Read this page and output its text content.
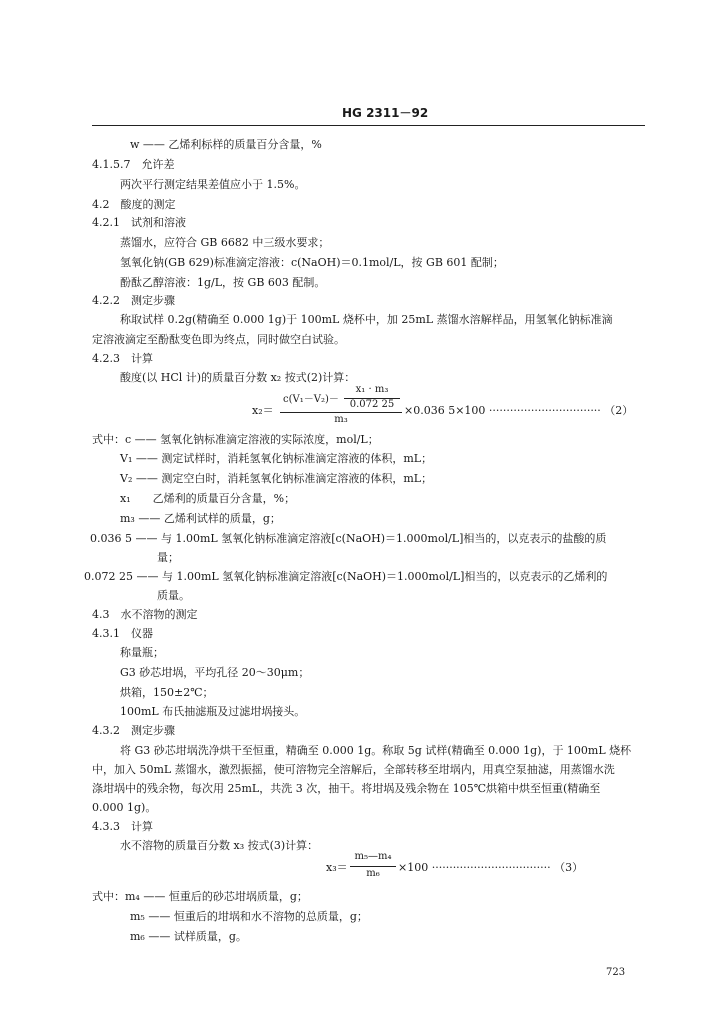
HG 2311－92
w —— 乙烯利标样的质量百分含量，%
4.1.5.7　允许差
两次平行测定结果差值应小于 1.5%。
4.2　酸度的测定
4.2.1　试剂和溶液
蒸馏水，应符合 GB 6682 中三级水要求；
氢氧化钠(GB 629)标准滴定溶液：c(NaOH)＝0.1mol/L，按 GB 601 配制；
酚酞乙醇溶液：1g/L，按 GB 603 配制。
4.2.2　测定步骤
称取试样 0.2g(精确至 0.000 1g)于 100mL 烧杯中，加 25mL 蒸馏水溶解样品，用氢氧化钠标准滴
定溶液滴定至酚酞变色即为终点，同时做空白试验。
4.2.3　计算
酸度(以 HCl 计)的质量百分数 x₂ 按式(2)计算：
x₂＝
c(V₁－V₂)－
x₁ · m₃
0.072 25
m₃
×0.036 5×100 ································ （2）
式中：c —— 氢氧化钠标准滴定溶液的实际浓度，mol/L；
V₁ —— 测定试样时，消耗氢氧化钠标准滴定溶液的体积，mL；
V₂ —— 测定空白时，消耗氢氧化钠标准滴定溶液的体积，mL；
x₁　　乙烯利的质量百分含量，%；
m₃ —— 乙烯利试样的质量，g；
0.036 5 —— 与 1.00mL 氢氧化钠标准滴定溶液[c(NaOH)＝1.000mol/L]相当的，以克表示的盐酸的质
量；
0.072 25 —— 与 1.00mL 氢氧化钠标准滴定溶液[c(NaOH)＝1.000mol/L]相当的，以克表示的乙烯利的
质量。
4.3　水不溶物的测定
4.3.1　仪器
称量瓶；
G3 砂芯坩埚，平均孔径 20～30μm；
烘箱，150±2℃；
100mL 布氏抽滤瓶及过滤坩埚接头。
4.3.2　测定步骤
将 G3 砂芯坩埚洗净烘干至恒重，精确至 0.000 1g。称取 5g 试样(精确至 0.000 1g)，于 100mL 烧杯
中，加入 50mL 蒸馏水，激烈振摇，使可溶物完全溶解后，全部转移至坩埚内，用真空泵抽滤，用蒸馏水洗
涤坩埚中的残余物，每次用 25mL，共洗 3 次，抽干。将坩埚及残余物在 105℃烘箱中烘至恒重(精确至
0.000 1g)。
4.3.3　计算
水不溶物的质量百分数 x₃ 按式(3)计算：
x₃＝
m₅—m₄
m₆	×100 ·································· （3）
式中：m₄ —— 恒重后的砂芯坩埚质量，g；
m₅ —— 恒重后的坩埚和水不溶物的总质量，g；
m₆ —— 试样质量，g。
723
